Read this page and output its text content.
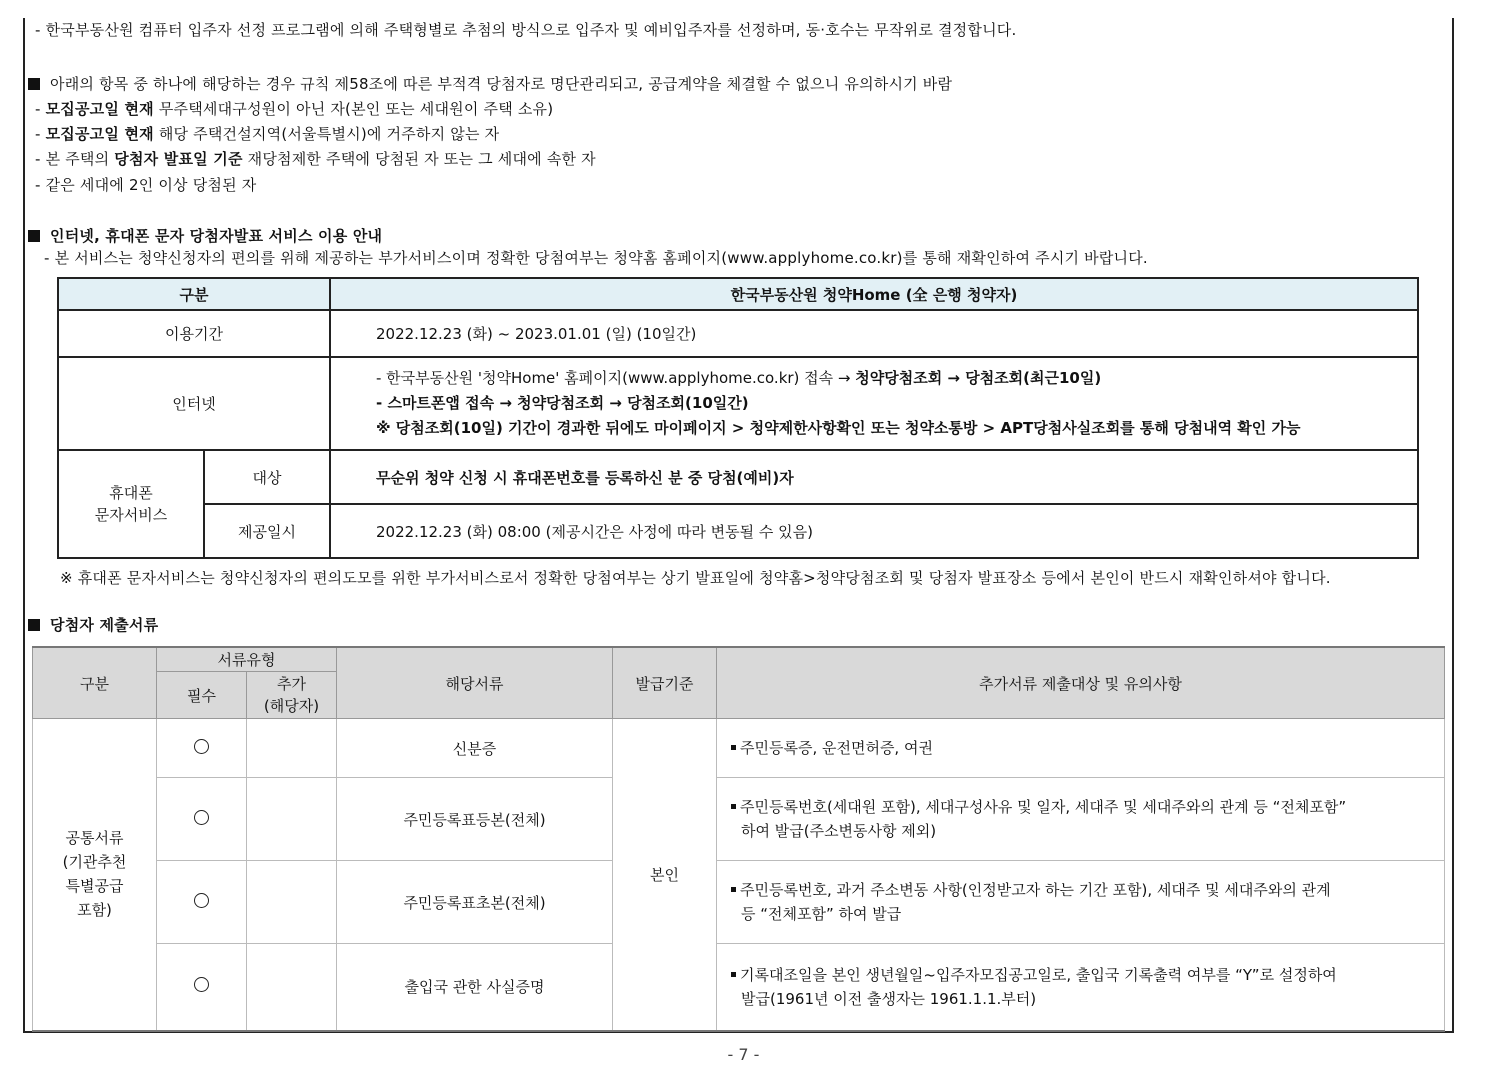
- 한국부동산원 컴퓨터 입주자 선정 프로그램에 의해 주택형별로 추첨의 방식으로 입주자 및 예비입주자를 선정하며, 동·호수는 무작위로 결정합니다.
아래의 항목 중 하나에 해당하는 경우 규칙 제58조에 따른 부적격 당첨자로 명단관리되고, 공급계약을 체결할 수 없으니 유의하시기 바람
- 모집공고일 현재 무주택세대구성원이 아닌 자(본인 또는 세대원이 주택 소유)
- 모집공고일 현재 해당 주택건설지역(서울특별시)에 거주하지 않는 자
- 본 주택의 당첨자 발표일 기준 재당첨제한 주택에 당첨된 자 또는 그 세대에 속한 자
- 같은 세대에 2인 이상 당첨된 자
인터넷, 휴대폰 문자 당첨자발표 서비스 이용 안내
- 본 서비스는 청약신청자의 편의를 위해 제공하는 부가서비스이며 정확한 당첨여부는 청약홈 홈페이지(www.applyhome.co.kr)를 통해 재확인하여 주시기 바랍니다.
구분		한국부동산원 청약Home (全 은행 청약자)
이용기간		2022.12.23 (화) ~ 2023.01.01 (일) (10일간)
인터넷		- 한국부동산원 '청약Home' 홈페이지(www.applyhome.co.kr) 접속 → 청약당첨조회 → 당첨조회(최근10일)
- 스마트폰앱 접속 → 청약당첨조회 → 당첨조회(10일간)
※ 당첨조회(10일) 기간이 경과한 뒤에도 마이페이지 > 청약제한사항확인 또는 청약소통방 > APT당첨사실조회를 통해 당첨내역 확인 가능

휴대폰
문자서비스	대상	무순위 청약 신청 시 휴대폰번호를 등록하신 분 중 당첨(예비)자
	제공일시	2022.12.23 (화) 08:00 (제공시간은 사정에 따라 변동될 수 있음)
※ 휴대폰 문자서비스는 청약신청자의 편의도모를 위한 부가서비스로서 정확한 당첨여부는 상기 발표일에 청약홈>청약당첨조회 및 당첨자 발표장소 등에서 본인이 반드시 재확인하셔야 합니다.
당첨자 제출서류
구분	서류유형		해당서류	발급기준	추가서류 제출대상 및 유의사항
	필수	추가
(해당자)			

공통서류
(기관추천
특별공급
포함)			신분증	본인	주민등록증, 운전면허증, 여권
			주민등록표등본(전체)		주민등록번호(세대원 포함), 세대구성사유 및 일자, 세대주 및 세대주와의 관계 등 “전체포함”
하여 발급(주소변동사항 제외)

			주민등록표초본(전체)		주민등록번호, 과거 주소변동 사항(인정받고자 하는 기간 포함), 세대주 및 세대주와의 관계
등 “전체포함” 하여 발급

			출입국 관한 사실증명		기록대조일을 본인 생년월일~입주자모집공고일로, 출입국 기록출력 여부를 “Y”로 설정하여
발급(1961년 이전 출생자는 1961.1.1.부터)
- 7 -
